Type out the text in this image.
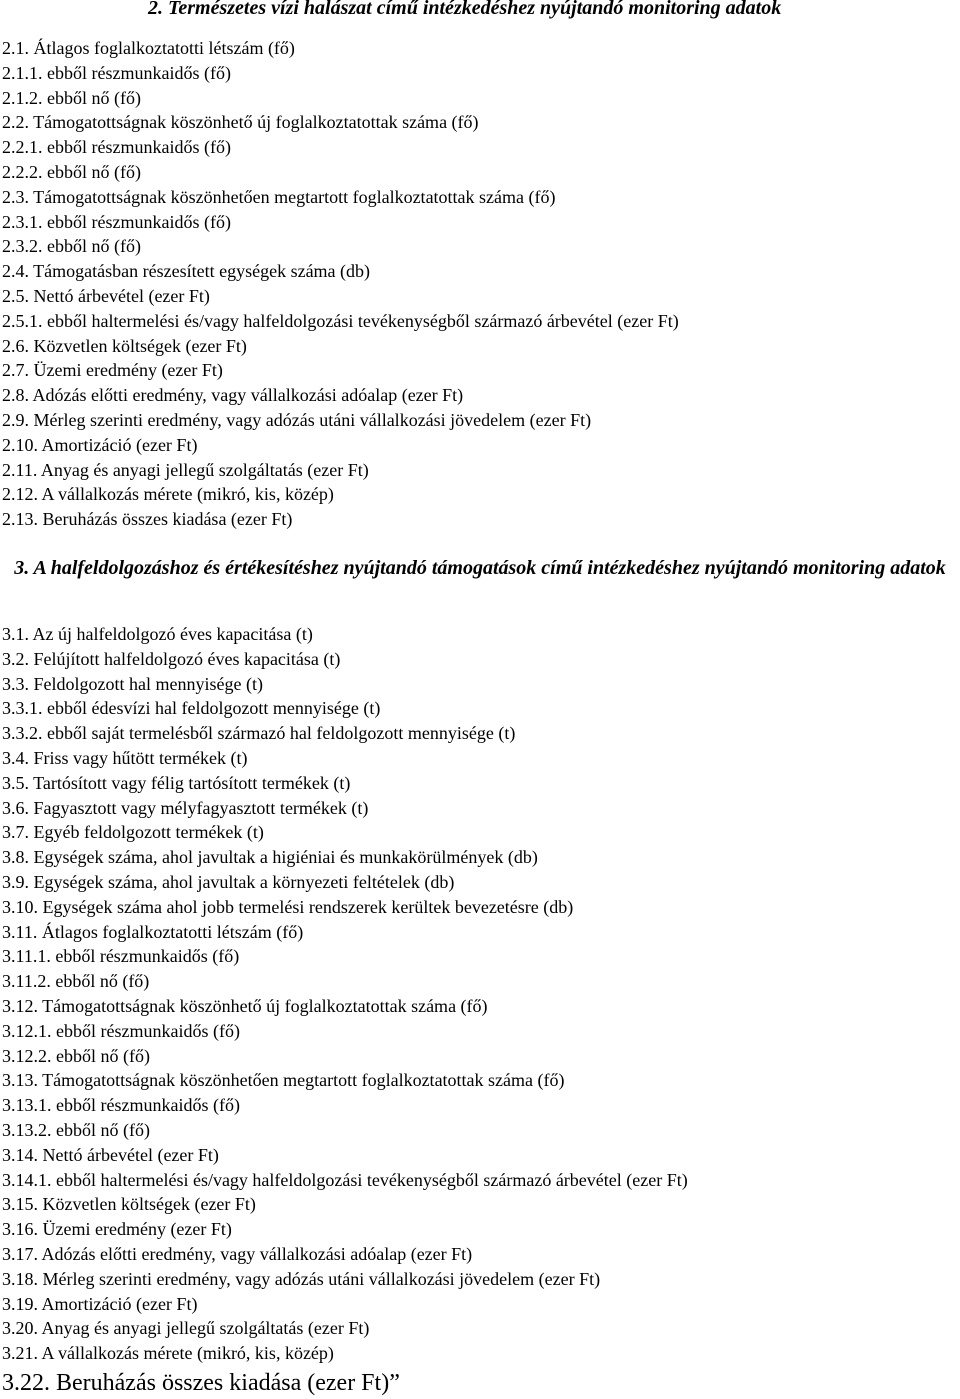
2. Természetes vízi halászat című intézkedéshez nyújtandó monitoring adatok
2.1. Átlagos foglalkoztatotti létszám (fő)
2.1.1. ebből részmunkaidős (fő)
2.1.2. ebből nő (fő)
2.2. Támogatottságnak köszönhető új foglalkoztatottak száma (fő)
2.2.1. ebből részmunkaidős (fő)
2.2.2. ebből nő (fő)
2.3. Támogatottságnak köszönhetően megtartott foglalkoztatottak száma (fő)
2.3.1. ebből részmunkaidős (fő)
2.3.2. ebből nő (fő)
2.4. Támogatásban részesített egységek száma (db)
2.5. Nettó árbevétel (ezer Ft)
2.5.1. ebből haltermelési és/vagy halfeldolgozási tevékenységből származó árbevétel (ezer Ft)
2.6. Közvetlen költségek (ezer Ft)
2.7. Üzemi eredmény (ezer Ft)
2.8. Adózás előtti eredmény, vagy vállalkozási adóalap (ezer Ft)
2.9. Mérleg szerinti eredmény, vagy adózás utáni vállalkozási jövedelem (ezer Ft)
2.10. Amortizáció (ezer Ft)
2.11. Anyag és anyagi jellegű szolgáltatás (ezer Ft)
2.12. A vállalkozás mérete (mikró, kis, közép)
2.13. Beruházás összes kiadása (ezer Ft)
3. A halfeldolgozáshoz és értékesítéshez nyújtandó támogatások című intézkedéshez nyújtandó monitoring adatok
3.1. Az új halfeldolgozó éves kapacitása (t)
3.2. Felújított halfeldolgozó éves kapacitása (t)
3.3. Feldolgozott hal mennyisége (t)
3.3.1. ebből édesvízi hal feldolgozott mennyisége (t)
3.3.2. ebből saját termelésből származó hal feldolgozott mennyisége (t)
3.4. Friss vagy hűtött termékek (t)
3.5. Tartósított vagy félig tartósított termékek (t)
3.6. Fagyasztott vagy mélyfagyasztott termékek (t)
3.7. Egyéb feldolgozott termékek (t)
3.8. Egységek száma, ahol javultak a higiéniai és munkakörülmények (db)
3.9. Egységek száma, ahol javultak a környezeti feltételek (db)
3.10. Egységek száma ahol jobb termelési rendszerek kerültek bevezetésre (db)
3.11. Átlagos foglalkoztatotti létszám (fő)
3.11.1. ebből részmunkaidős (fő)
3.11.2. ebből nő (fő)
3.12. Támogatottságnak köszönhető új foglalkoztatottak száma (fő)
3.12.1. ebből részmunkaidős (fő)
3.12.2. ebből nő (fő)
3.13. Támogatottságnak köszönhetően megtartott foglalkoztatottak száma (fő)
3.13.1. ebből részmunkaidős (fő)
3.13.2. ebből nő (fő)
3.14. Nettó árbevétel (ezer Ft)
3.14.1. ebből haltermelési és/vagy halfeldolgozási tevékenységből származó árbevétel (ezer Ft)
3.15. Közvetlen költségek (ezer Ft)
3.16. Üzemi eredmény (ezer Ft)
3.17. Adózás előtti eredmény, vagy vállalkozási adóalap (ezer Ft)
3.18. Mérleg szerinti eredmény, vagy adózás utáni vállalkozási jövedelem (ezer Ft)
3.19. Amortizáció (ezer Ft)
3.20. Anyag és anyagi jellegű szolgáltatás (ezer Ft)
3.21. A vállalkozás mérete (mikró, kis, közép)
3.22. Beruházás összes kiadása (ezer Ft)”
